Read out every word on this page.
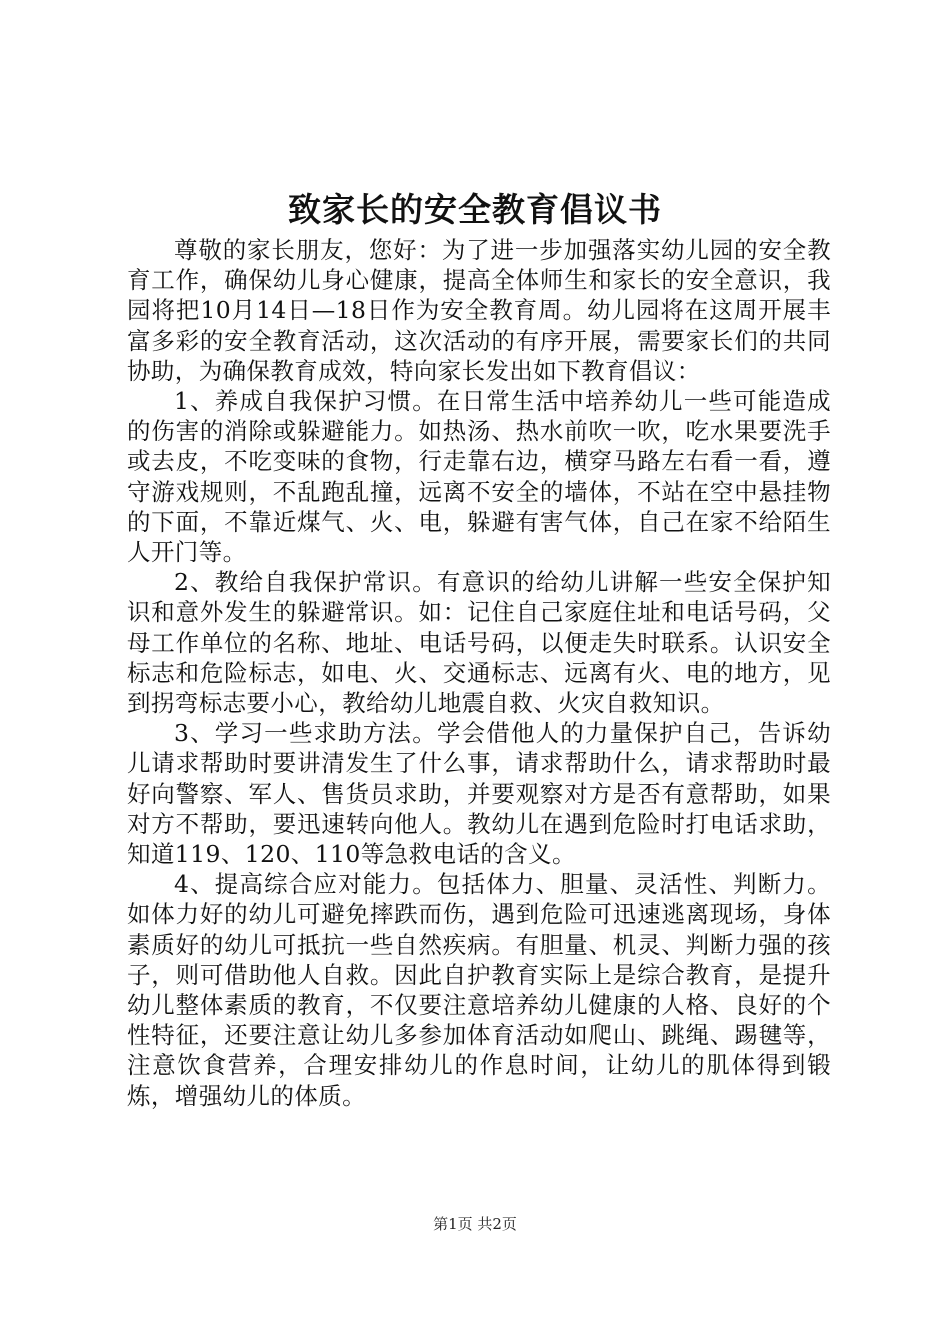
致家长的安全教育倡议书

尊敬的家长朋友，您好：为了进一步加强落实幼儿园的安全教育工作，确保幼儿身心健康，提高全体师生和家长的安全意识，我园将把10月14日—18日作为安全教育周。幼儿园将在这周开展丰富多彩的安全教育活动，这次活动的有序开展，需要家长们的共同协助，为确保教育成效，特向家长发出如下教育倡议：

1、养成自我保护习惯。在日常生活中培养幼儿一些可能造成的伤害的消除或躲避能力。如热汤、热水前吹一吹，吃水果要洗手或去皮，不吃变味的食物，行走靠右边，横穿马路左右看一看，遵守游戏规则，不乱跑乱撞，远离不安全的墙体，不站在空中悬挂物的下面，不靠近煤气、火、电，躲避有害气体，自己在家不给陌生人开门等。

2、教给自我保护常识。有意识的给幼儿讲解一些安全保护知识和意外发生的躲避常识。如：记住自己家庭住址和电话号码，父母工作单位的名称、地址、电话号码，以便走失时联系。认识安全标志和危险标志，如电、火、交通标志、远离有火、电的地方，见到拐弯标志要小心，教给幼儿地震自救、火灾自救知识。

3、学习一些求助方法。学会借他人的力量保护自己，告诉幼儿请求帮助时要讲清发生了什么事，请求帮助什么，请求帮助时最好向警察、军人、售货员求助，并要观察对方是否有意帮助，如果对方不帮助，要迅速转向他人。教幼儿在遇到危险时打电话求助，知道119、120、110等急救电话的含义。

4、提高综合应对能力。包括体力、胆量、灵活性、判断力。如体力好的幼儿可避免摔跌而伤，遇到危险可迅速逃离现场，身体素质好的幼儿可抵抗一些自然疾病。有胆量、机灵、判断力强的孩子，则可借助他人自救。因此自护教育实际上是综合教育，是提升幼儿整体素质的教育，不仅要注意培养幼儿健康的人格、良好的个性特征，还要注意让幼儿多参加体育活动如爬山、跳绳、踢毽等，注意饮食营养，合理安排幼儿的作息时间，让幼儿的肌体得到锻炼，增强幼儿的体质。

第1页 共2页
